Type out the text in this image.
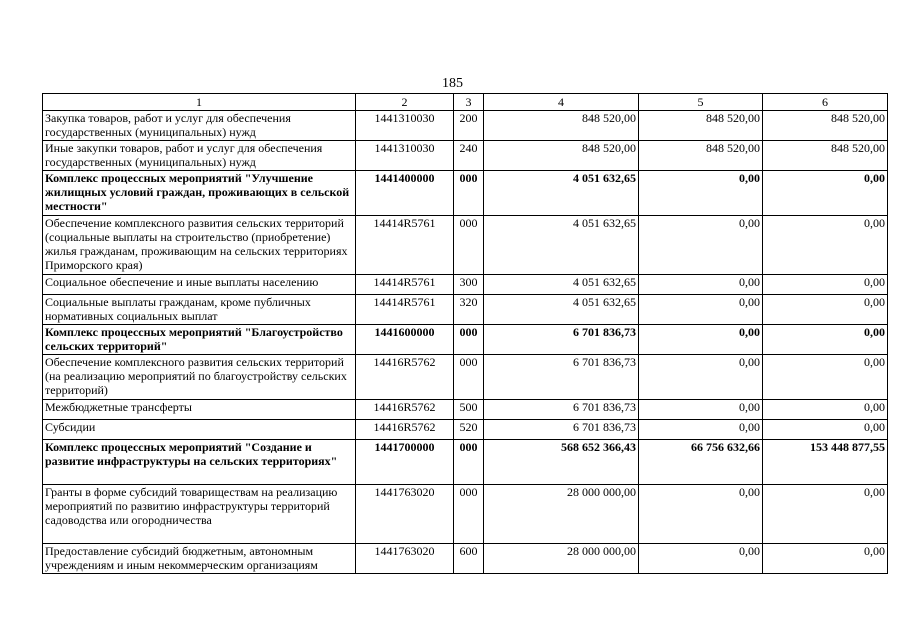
185
1	2	3	4	5	6
Закупка товаров, работ и услуг для обеспечения государственных (муниципальных) нужд	1441310030	200	848 520,00	848 520,00	848 520,00
Иные закупки товаров, работ и услуг для обеспечения государственных (муниципальных) нужд	1441310030	240	848 520,00	848 520,00	848 520,00
Комплекс процессных мероприятий "Улучшение жилищных условий граждан, проживающих в сельской местности"	1441400000	000	4 051 632,65	0,00	0,00
Обеспечение комплексного развития сельских территорий (социальные выплаты на строительство (приобретение) жилья гражданам, проживающим на сельских территориях Приморского края)	14414R5761	000	4 051 632,65	0,00	0,00
Социальное обеспечение и иные выплаты населению	14414R5761	300	4 051 632,65	0,00	0,00
Социальные выплаты гражданам, кроме публичных нормативных социальных выплат	14414R5761	320	4 051 632,65	0,00	0,00
Комплекс процессных мероприятий "Благоустройство сельских территорий"	1441600000	000	6 701 836,73	0,00	0,00
Обеспечение комплексного развития сельских территорий (на реализацию мероприятий по благоустройству сельских территорий)	14416R5762	000	6 701 836,73	0,00	0,00
Межбюджетные трансферты	14416R5762	500	6 701 836,73	0,00	0,00
Субсидии	14416R5762	520	6 701 836,73	0,00	0,00
Комплекс процессных мероприятий "Создание и развитие инфраструктуры на сельских территориях"	1441700000	000	568 652 366,43	66 756 632,66	153 448 877,55
Гранты в форме субсидий товариществам на реализацию мероприятий по развитию инфраструктуры территорий садоводства или огородничества	1441763020	000	28 000 000,00	0,00	0,00
Предоставление субсидий бюджетным, автономным учреждениям и иным некоммерческим организациям	1441763020	600	28 000 000,00	0,00	0,00
